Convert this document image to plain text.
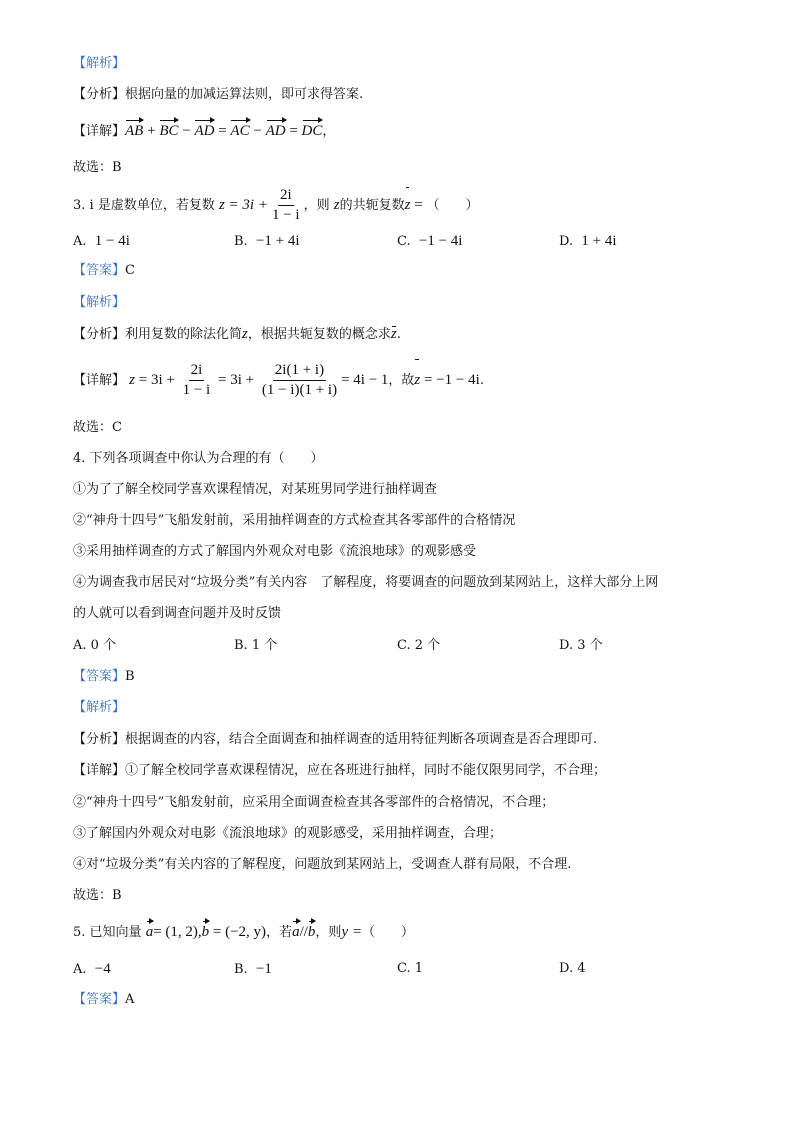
【解析】
【分析】根据向量的加减运算法则，即可求得答案.
【详解】AB + BC − AD = AC − AD = DC，
故选：B
3. i 是虚数单位，若复数 $z = 3i + \frac{2i}{1 - i}$ ，则 z的共轭复数z = （　　）
A. 1 − 4i	B. −1 + 4i	C. −1 − 4i	D. 1 + 4i
【答案】C
【解析】
【分析】利用复数的除法化简z，根据共轭复数的概念求z.
【详解】 $z = 3i + \frac{2i}{1 - i} = 3i + \frac{2i(1 + i)}{(1 - i)(1 + i)} = 4i - 1$，故z = −1 − 4i.
故选：C
4. 下列各项调查中你认为合理的有（　　）
①为了了解全校同学喜欢课程情况，对某班男同学进行抽样调查
②“神舟十四号”飞船发射前，采用抽样调查的方式检查其各零部件的合格情况
③采用抽样调查的方式了解国内外观众对电影《流浪地球》的观影感受
④为调查我市居民对“垃圾分类”有关内容　了解程度，将要调查的问题放到某网站上，这样大部分上网
的人就可以看到调查问题并及时反馈
A. 0 个	B. 1 个	C. 2 个	D. 3 个
【答案】B
【解析】
【分析】根据调查的内容，结合全面调查和抽样调查的适用特征判断各项调查是否合理即可.
【详解】①了解全校同学喜欢课程情况，应在各班进行抽样，同时不能仅限男同学，不合理；
②“神舟十四号”飞船发射前，应采用全面调查检查其各零部件的合格情况，不合理；
③了解国内外观众对电影《流浪地球》的观影感受，采用抽样调查，合理；
④对“垃圾分类”有关内容的了解程度，问题放到某网站上，受调查人群有局限，不合理.
故选：B
5. 已知向量 a= (1, 2),b = (−2, y)，若a//b，则y =（　　）
A. −4	B. −1	C. 1	D. 4
【答案】A
